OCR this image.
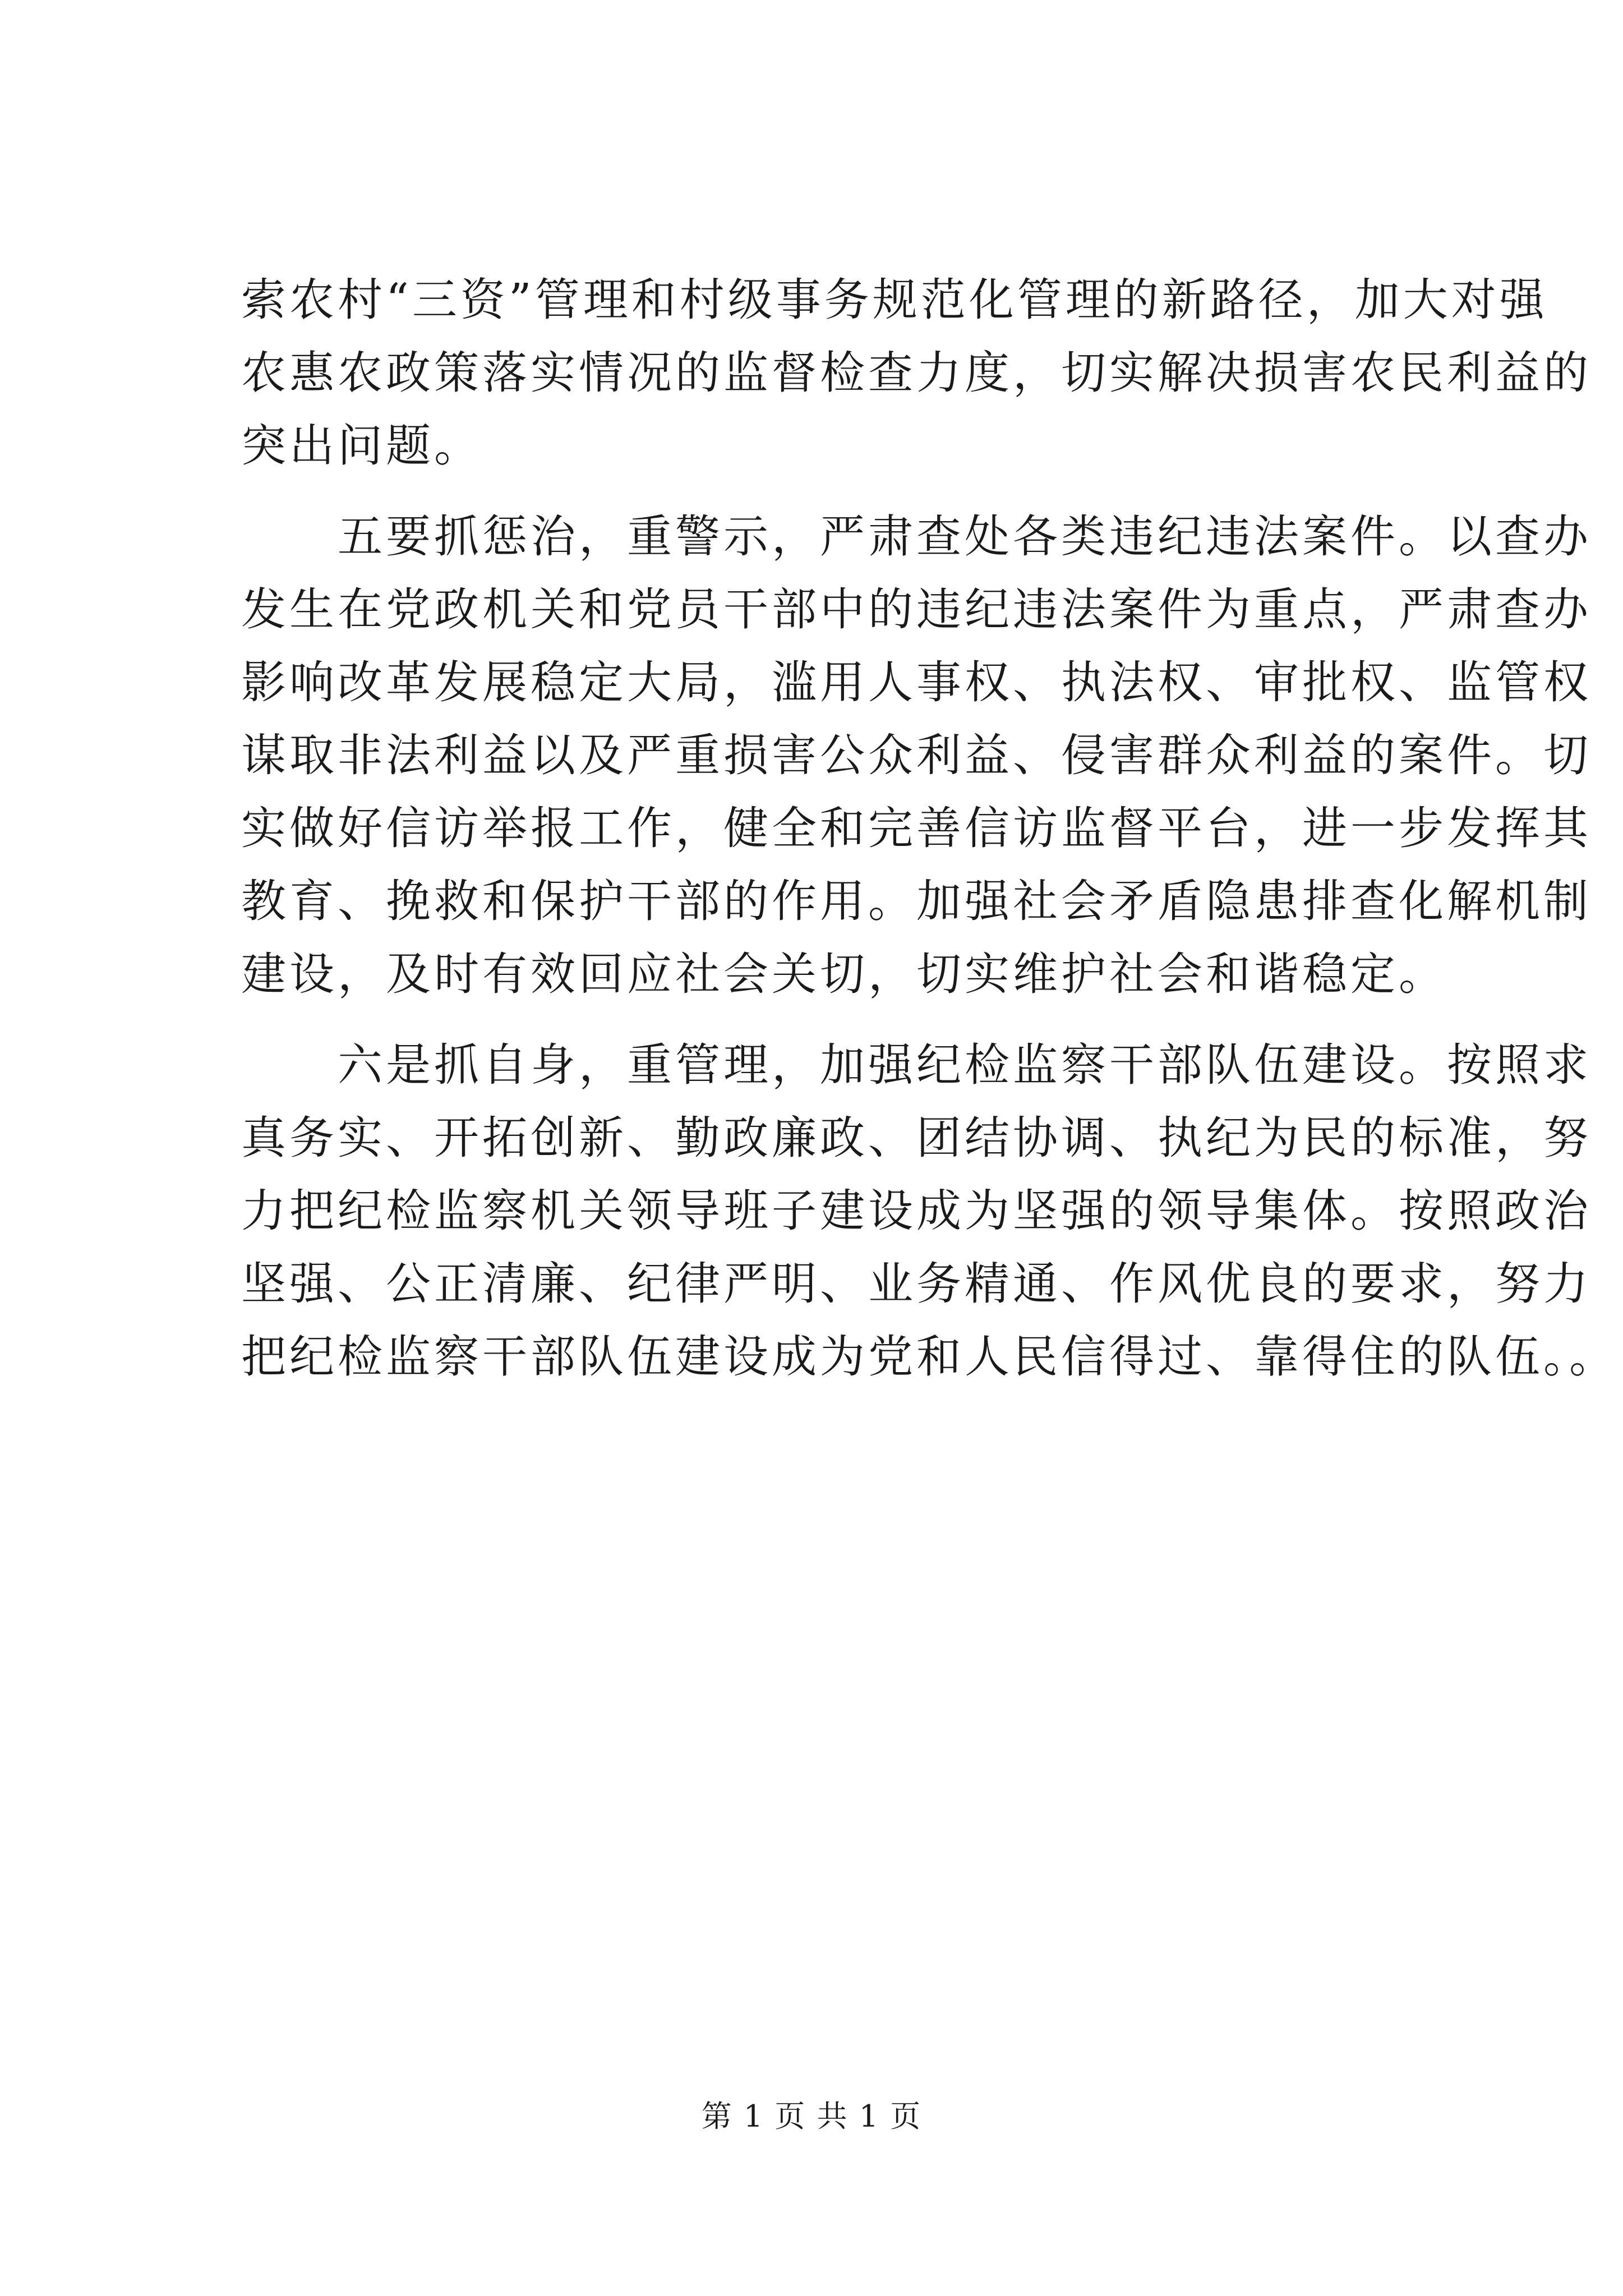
索农村“三资”管理和村级事务规范化管理的新路径，加大对强
农惠农政策落实情况的监督检查力度，切实解决损害农民利益的
突出问题。
　　五要抓惩治，重警示，严肃查处各类违纪违法案件。以查办
发生在党政机关和党员干部中的违纪违法案件为重点，严肃查办
影响改革发展稳定大局，滥用人事权、执法权、审批权、监管权
谋取非法利益以及严重损害公众利益、侵害群众利益的案件。切
实做好信访举报工作，健全和完善信访监督平台，进一步发挥其
教育、挽救和保护干部的作用。加强社会矛盾隐患排查化解机制
建设，及时有效回应社会关切，切实维护社会和谐稳定。
　　六是抓自身，重管理，加强纪检监察干部队伍建设。按照求
真务实、开拓创新、勤政廉政、团结协调、执纪为民的标准，努
力把纪检监察机关领导班子建设成为坚强的领导集体。按照政治
坚强、公正清廉、纪律严明、业务精通、作风优良的要求，努力
把纪检监察干部队伍建设成为党和人民信得过、靠得住的队伍。。
第 1 页 共 1 页
